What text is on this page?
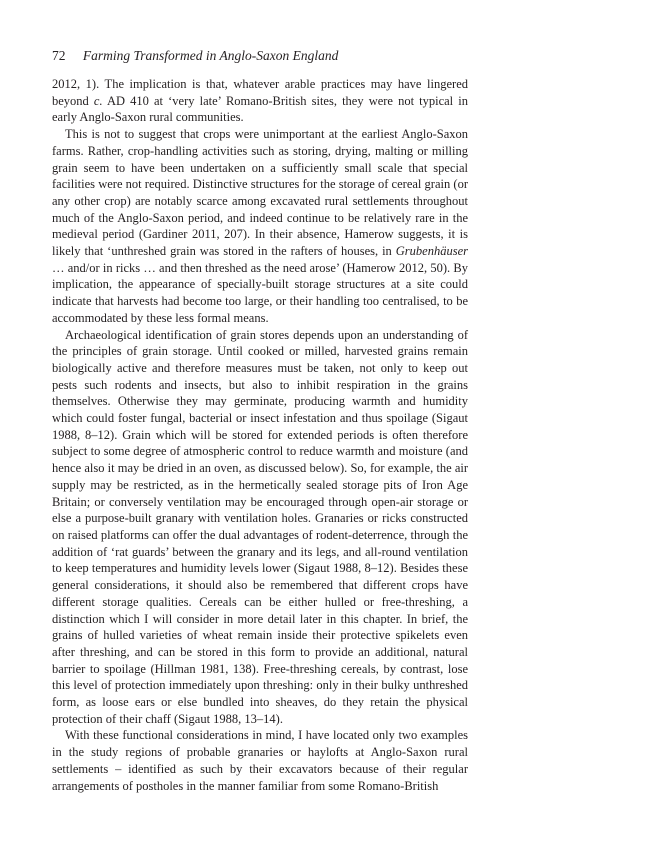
72 Farming Transformed in Anglo-Saxon England

2012, 1). The implication is that, whatever arable practices may have lingered beyond c. AD 410 at ‘very late’ Romano-British sites, they were not typical in early Anglo-Saxon rural communities.

This is not to suggest that crops were unimportant at the earliest Anglo-Saxon farms. Rather, crop-handling activities such as storing, drying, malting or milling grain seem to have been undertaken on a sufficiently small scale that special facilities were not required. Distinctive structures for the storage of cereal grain (or any other crop) are notably scarce among excavated rural settlements throughout much of the Anglo-Saxon period, and indeed continue to be relatively rare in the medieval period (Gardiner 2011, 207). In their absence, Hamerow suggests, it is likely that ‘unthreshed grain was stored in the rafters of houses, in Grubenhäuser … and/or in ricks … and then threshed as the need arose’ (Hamerow 2012, 50). By implication, the appearance of specially-built storage structures at a site could indicate that harvests had become too large, or their handling too centralised, to be accommodated by these less formal means.

Archaeological identification of grain stores depends upon an understanding of the principles of grain storage. Until cooked or milled, harvested grains remain biologically active and therefore measures must be taken, not only to keep out pests such rodents and insects, but also to inhibit respiration in the grains themselves. Otherwise they may germinate, producing warmth and humidity which could foster fungal, bacterial or insect infestation and thus spoilage (Sigaut 1988, 8–12). Grain which will be stored for extended periods is often therefore subject to some degree of atmospheric control to reduce warmth and moisture (and hence also it may be dried in an oven, as discussed below). So, for example, the air supply may be restricted, as in the hermetically sealed storage pits of Iron Age Britain; or conversely ventilation may be encouraged through open-air storage or else a purpose-built granary with ventilation holes. Granaries or ricks constructed on raised platforms can offer the dual advantages of rodent-deterrence, through the addition of ‘rat guards’ between the granary and its legs, and all-round ventilation to keep temperatures and humidity levels lower (Sigaut 1988, 8–12). Besides these general considerations, it should also be remembered that different crops have different storage qualities. Cereals can be either hulled or free-threshing, a distinction which I will consider in more detail later in this chapter. In brief, the grains of hulled varieties of wheat remain inside their protective spikelets even after threshing, and can be stored in this form to provide an additional, natural barrier to spoilage (Hillman 1981, 138). Free-threshing cereals, by contrast, lose this level of protection immediately upon threshing: only in their bulky unthreshed form, as loose ears or else bundled into sheaves, do they retain the physical protection of their chaff (Sigaut 1988, 13–14).

With these functional considerations in mind, I have located only two examples in the study regions of probable granaries or haylofts at Anglo-Saxon rural settlements – identified as such by their excavators because of their regular arrangements of postholes in the manner familiar from some Romano-British
